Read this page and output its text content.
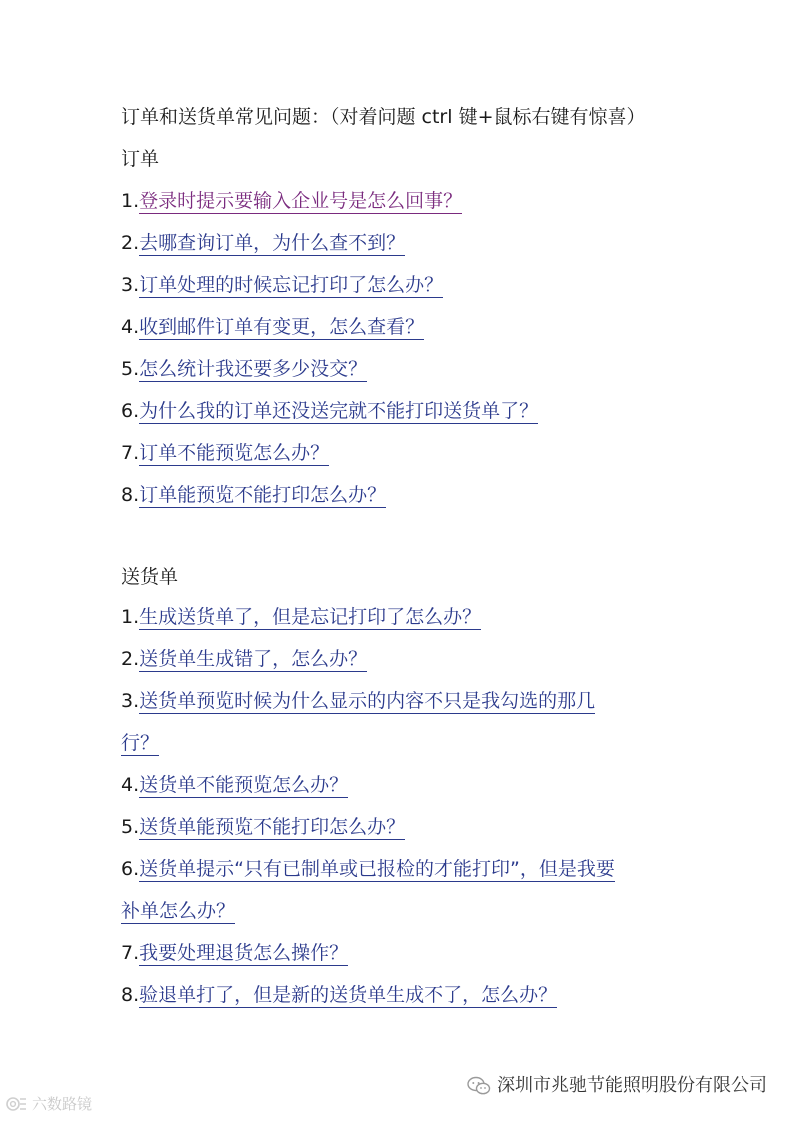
订单和送货单常见问题：（对着问题 ctrl 键+鼠标右键有惊喜）
订单
1.登录时提示要输入企业号是怎么回事？
2.去哪查询订单，为什么查不到？
3.订单处理的时候忘记打印了怎么办？
4.收到邮件订单有变更，怎么查看？
5.怎么统计我还要多少没交？
6.为什么我的订单还没送完就不能打印送货单了？
7.订单不能预览怎么办？
8.订单能预览不能打印怎么办？
送货单
1.生成送货单了，但是忘记打印了怎么办？
2.送货单生成错了，怎么办？
3.送货单预览时候为什么显示的内容不只是我勾选的那几
行？
4.送货单不能预览怎么办？
5.送货单能预览不能打印怎么办？
6.送货单提示“只有已制单或已报检的才能打印”，但是我要
补单怎么办？
7.我要处理退货怎么操作？
8.验退单打了，但是新的送货单生成不了，怎么办？
深圳市兆驰节能照明股份有限公司
六数路镜
